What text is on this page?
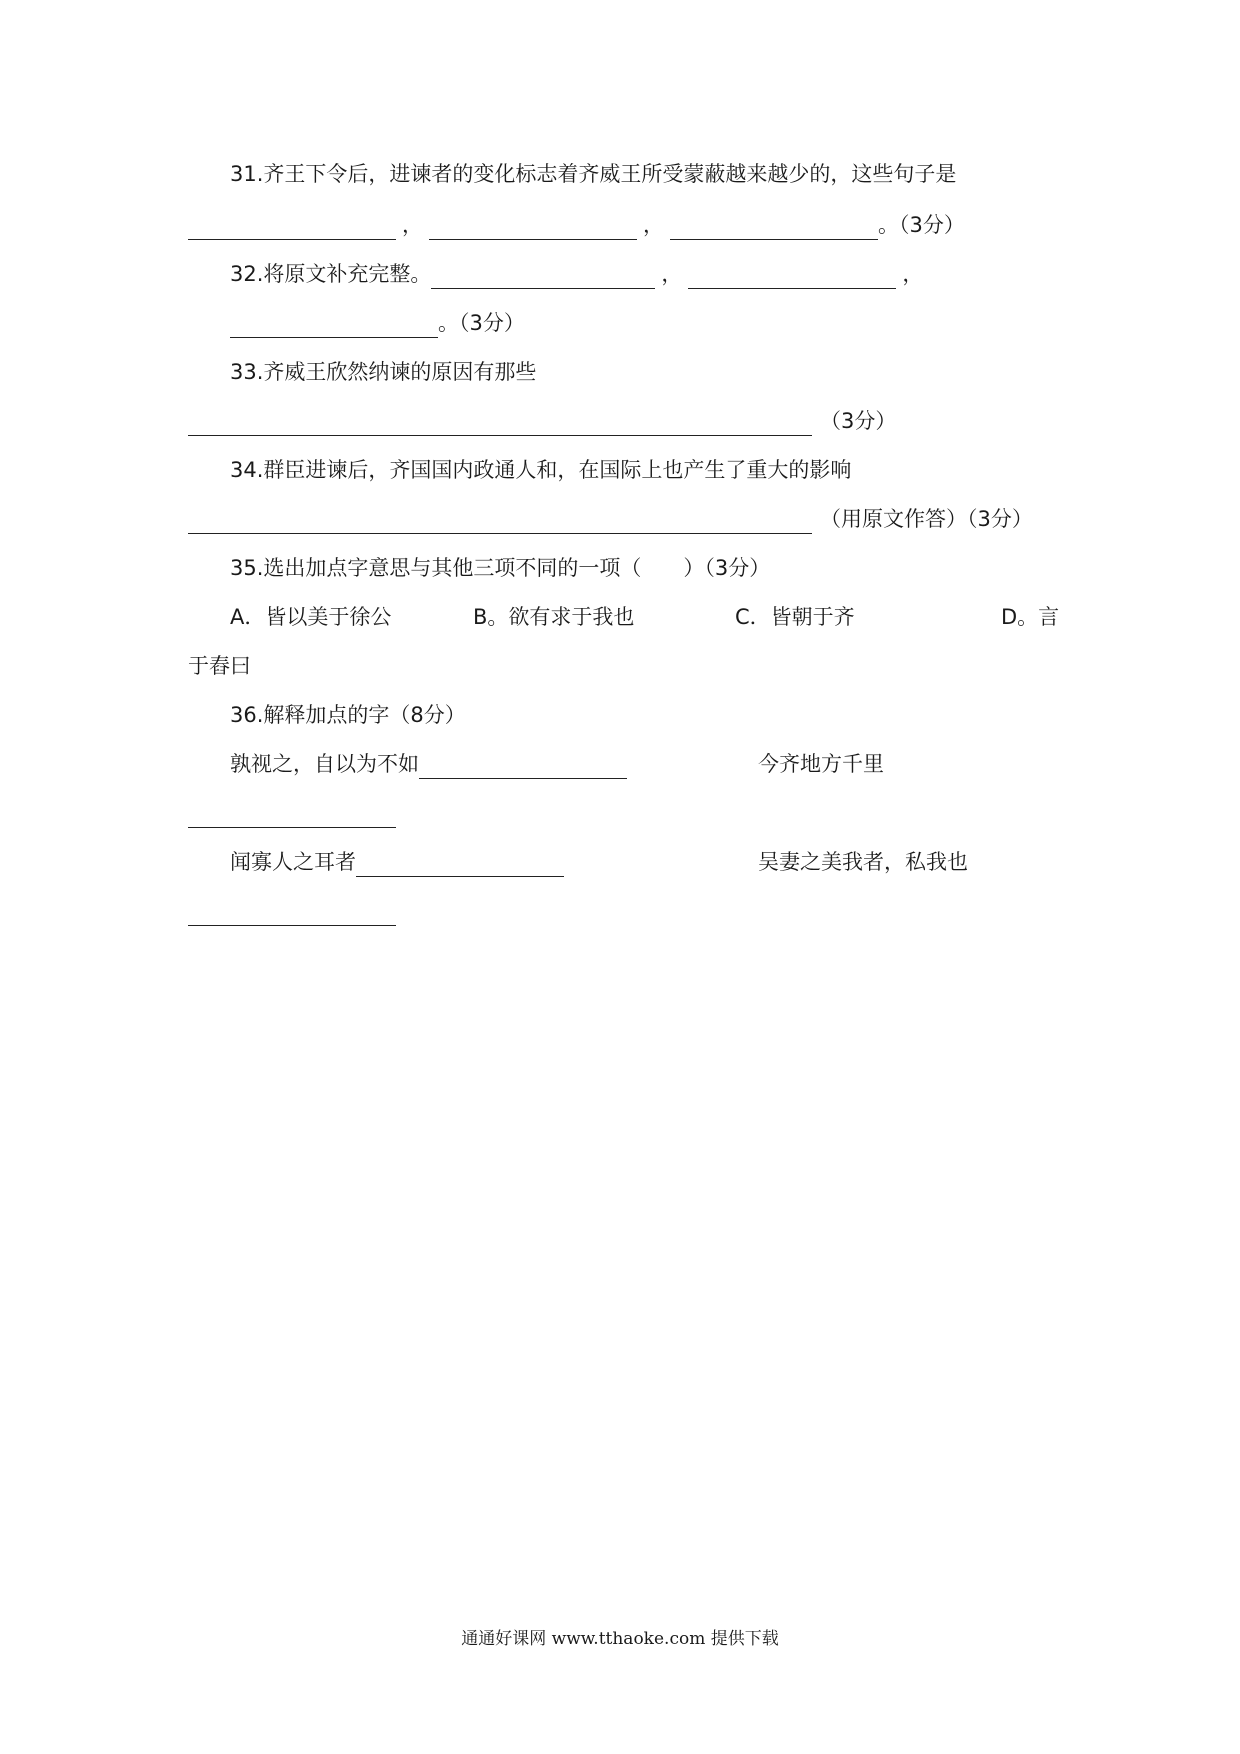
31.齐王下令后，进谏者的变化标志着齐威王所受蒙蔽越来越少的，这些句子是
，	，	。（3分）
32.将原文补充完整。	，	，
。（3分）
33.齐威王欣然纳谏的原因有那些
（3分）
34.群臣进谏后，齐国国内政通人和，在国际上也产生了重大的影响
（用原文作答）（3分）
35.选出加点字意思与其他三项不同的一项（　　）（3分）
A．皆以美于徐公	B。欲有求于我也	C．皆朝于齐	D。言
于舂曰
36.解释加点的字（8分）
孰视之，自以为不如	今齐地方千里
闻寡人之耳者	吴妻之美我者，私我也
通通好课网 www.tthaoke.com 提供下载
